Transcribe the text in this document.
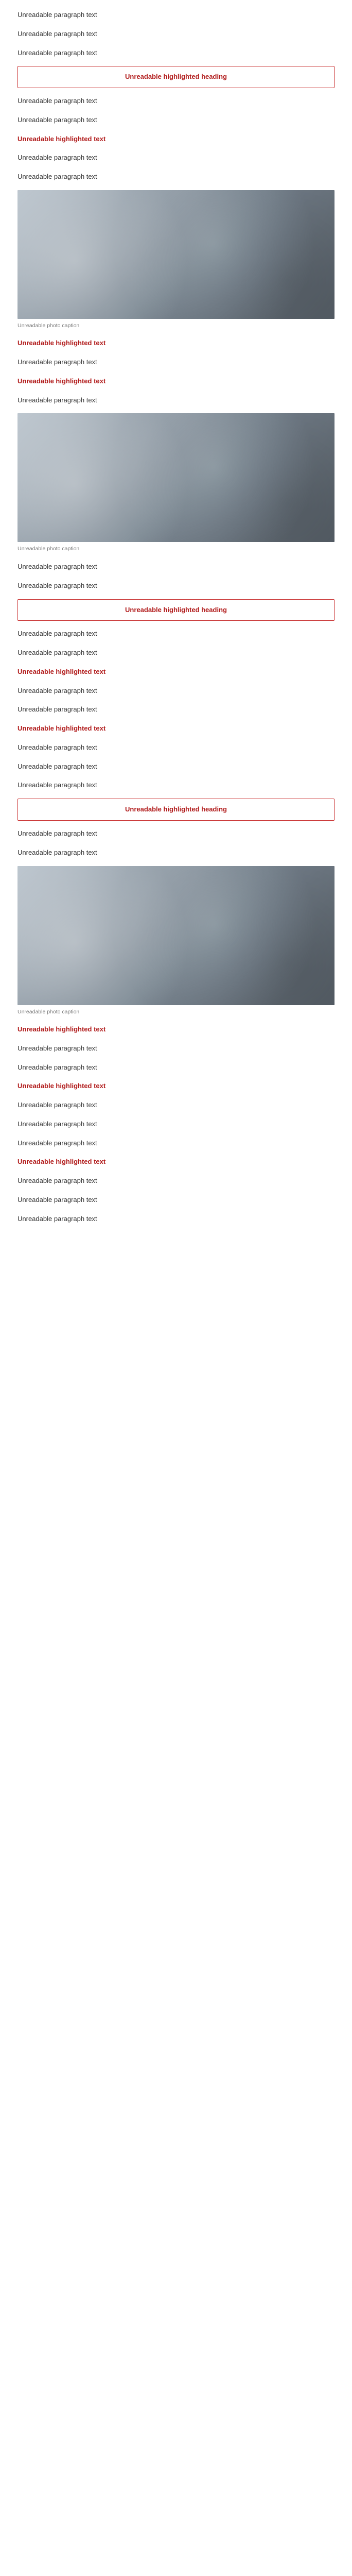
Unreadable paragraph text

Unreadable paragraph text

Unreadable paragraph text

Unreadable highlighted heading

Unreadable paragraph text

Unreadable paragraph text

Unreadable highlighted text

Unreadable paragraph text

Unreadable paragraph text

Unreadable photo caption

Unreadable highlighted text

Unreadable paragraph text

Unreadable highlighted text

Unreadable paragraph text

Unreadable photo caption

Unreadable paragraph text

Unreadable paragraph text

Unreadable highlighted heading

Unreadable paragraph text

Unreadable paragraph text

Unreadable highlighted text

Unreadable paragraph text

Unreadable paragraph text

Unreadable highlighted text

Unreadable paragraph text

Unreadable paragraph text

Unreadable paragraph text

Unreadable highlighted heading

Unreadable paragraph text

Unreadable paragraph text

Unreadable photo caption

Unreadable highlighted text

Unreadable paragraph text

Unreadable paragraph text

Unreadable highlighted text

Unreadable paragraph text

Unreadable paragraph text

Unreadable paragraph text

Unreadable highlighted text

Unreadable paragraph text

Unreadable paragraph text

Unreadable paragraph text
